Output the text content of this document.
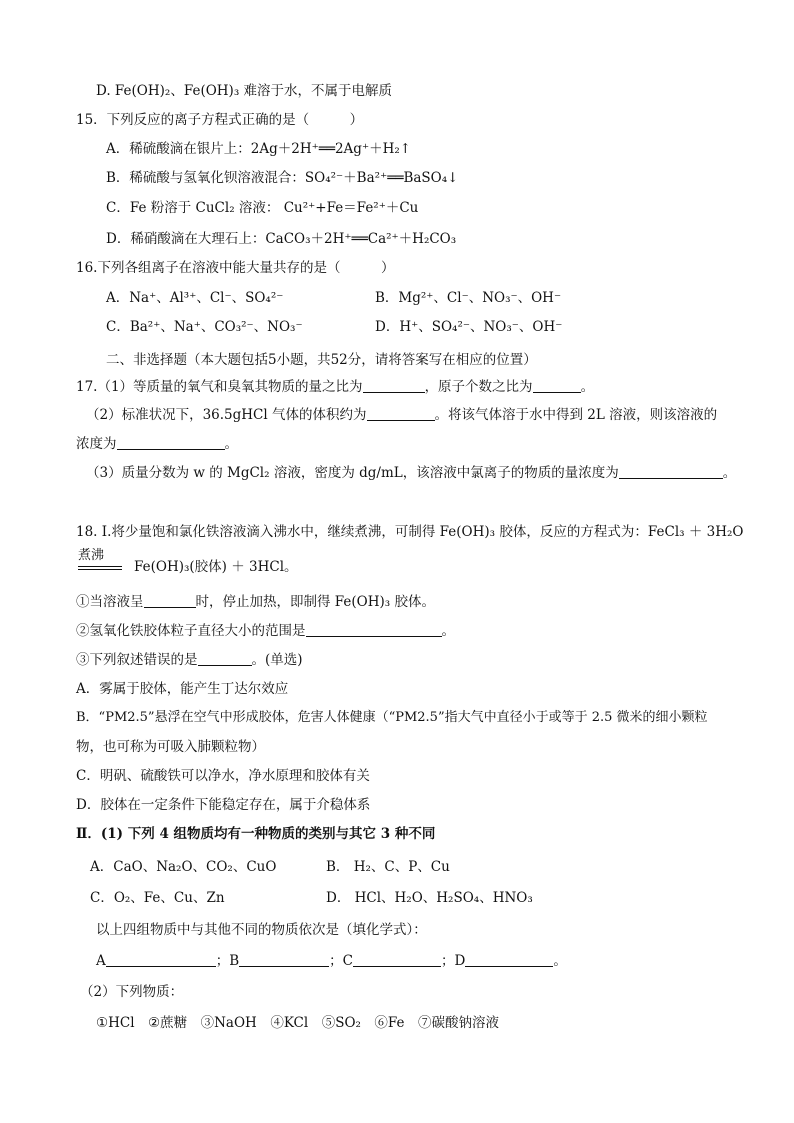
D. Fe(OH)₂、Fe(OH)₃ 难溶于水，不属于电解质
15．下列反应的离子方程式正确的是（　　　）
A．稀硫酸滴在银片上：2Ag＋2H⁺══2Ag⁺＋H₂↑
B．稀硫酸与氢氧化钡溶液混合：SO₄²⁻＋Ba²⁺══BaSO₄↓
C．Fe 粉溶于 CuCl₂ 溶液： Cu²⁺+Fe＝Fe²⁺＋Cu
D．稀硝酸滴在大理石上：CaCO₃＋2H⁺══Ca²⁺＋H₂CO₃
16.下列各组离子在溶液中能大量共存的是（　　　）
A．Na⁺、Al³⁺、Cl⁻、SO₄²⁻	B．Mg²⁺、Cl⁻、NO₃⁻、OH⁻
C．Ba²⁺、Na⁺、CO₃²⁻、NO₃⁻	D．H⁺、SO₄²⁻、NO₃⁻、OH⁻
二、非选择题（本大题包括5小题，共52分，请将答案写在相应的位置）
17.（1）等质量的氧气和臭氧其物质的量之比为	，原子个数之比为	。
（2）标准状况下，36.5gHCl 气体的体积约为	。将该气体溶于水中得到 2L 溶液，则该溶液的
浓度为	。
（3）质量分数为 w 的 MgCl₂ 溶液，密度为 dg/mL，该溶液中氯离子的物质的量浓度为	。
18. Ⅰ.将少量饱和氯化铁溶液滴入沸水中，继续煮沸，可制得 Fe(OH)₃ 胶体，反应的方程式为：FeCl₃ ＋ 3H₂O
煮沸
Fe(OH)₃(胶体) ＋ 3HCl。
①当溶液呈	时，停止加热，即制得 Fe(OH)₃ 胶体。
②氢氧化铁胶体粒子直径大小的范围是	。
③下列叙述错误的是	。(单选)
A．雾属于胶体，能产生丁达尔效应
B．“PM2.5”悬浮在空气中形成胶体，危害人体健康（“PM2.5”指大气中直径小于或等于 2.5 微米的细小颗粒
物，也可称为可吸入肺颗粒物）
C．明矾、硫酸铁可以净水，净水原理和胶体有关
D．胶体在一定条件下能稳定存在，属于介稳体系
Ⅱ．(1) 下列 4 组物质均有一种物质的类别与其它 3 种不同
A．CaO、Na₂O、CO₂、CuO	B． H₂、C、P、Cu
C．O₂、Fe、Cu、Zn	D． HCl、H₂O、H₂SO₄、HNO₃
以上四组物质中与其他不同的物质依次是（填化学式）：
A	；B	；C	；D	。
（2）下列物质：
①HCl　②蔗糖　③NaOH　④KCl　⑤SO₂　⑥Fe　⑦碳酸钠溶液
